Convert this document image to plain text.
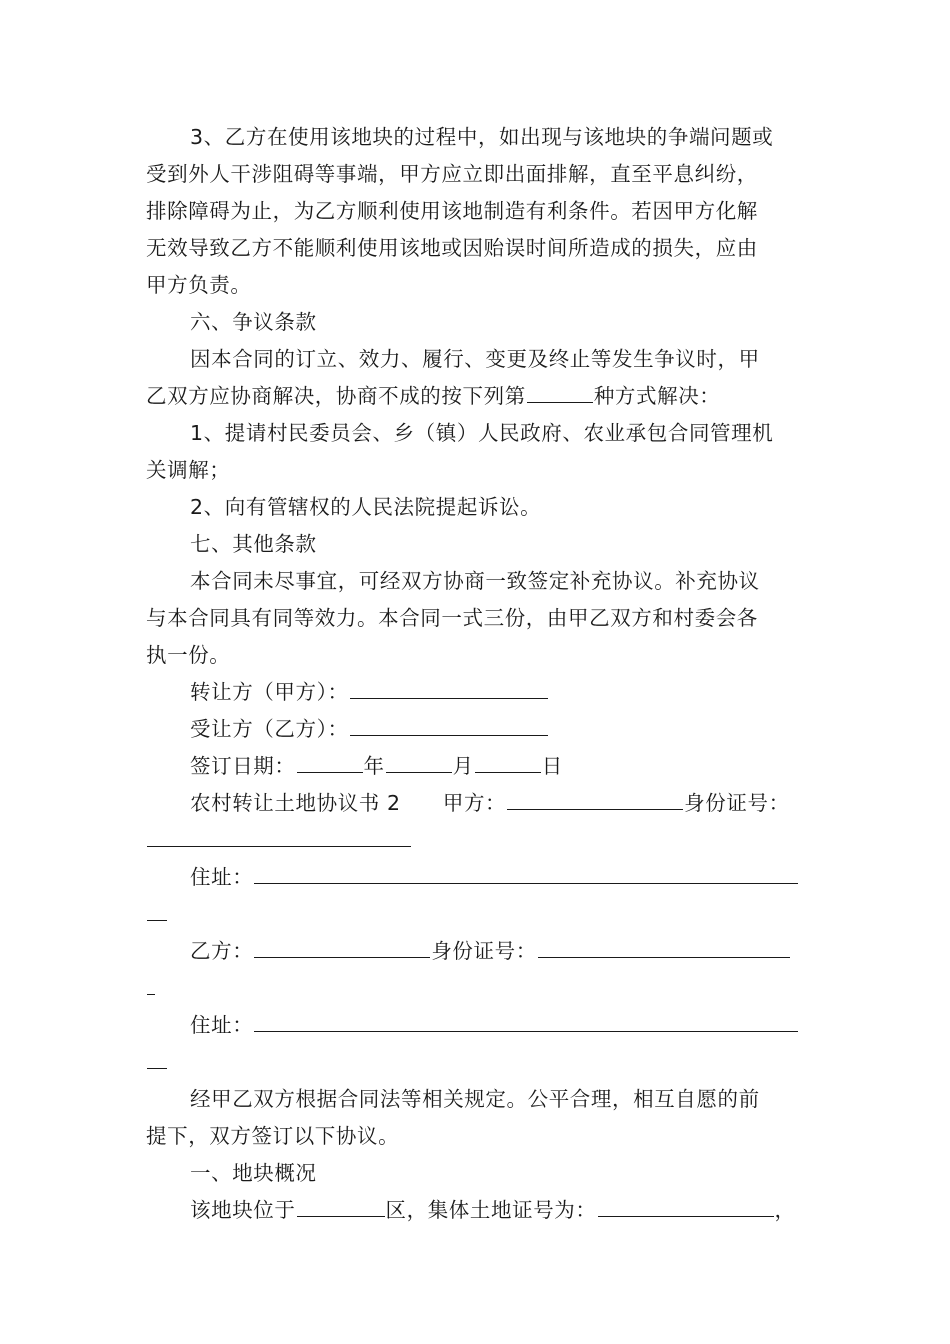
3、乙方在使用该地块的过程中，如出现与该地块的争端问题或
受到外人干涉阻碍等事端，甲方应立即出面排解，直至平息纠纷，
排除障碍为止，为乙方顺利使用该地制造有利条件。若因甲方化解
无效导致乙方不能顺利使用该地或因贻误时间所造成的损失，应由
甲方负责。
六、争议条款
因本合同的订立、效力、履行、变更及终止等发生争议时，甲
乙双方应协商解决，协商不成的按下列第	种方式解决：
1、提请村民委员会、乡（镇）人民政府、农业承包合同管理机
关调解；
2、向有管辖权的人民法院提起诉讼。
七、其他条款
本合同未尽事宜，可经双方协商一致签定补充协议。补充协议
与本合同具有同等效力。本合同一式三份，由甲乙双方和村委会各
执一份。
转让方（甲方）：
受让方（乙方）：
签订日期：	年	月	日
农村转让土地协议书 2　　甲方：	身份证号：
住址：
乙方：	身份证号：
住址：
经甲乙双方根据合同法等相关规定。公平合理，相互自愿的前
提下，双方签订以下协议。
一、地块概况
该地块位于	区，集体土地证号为：	，
